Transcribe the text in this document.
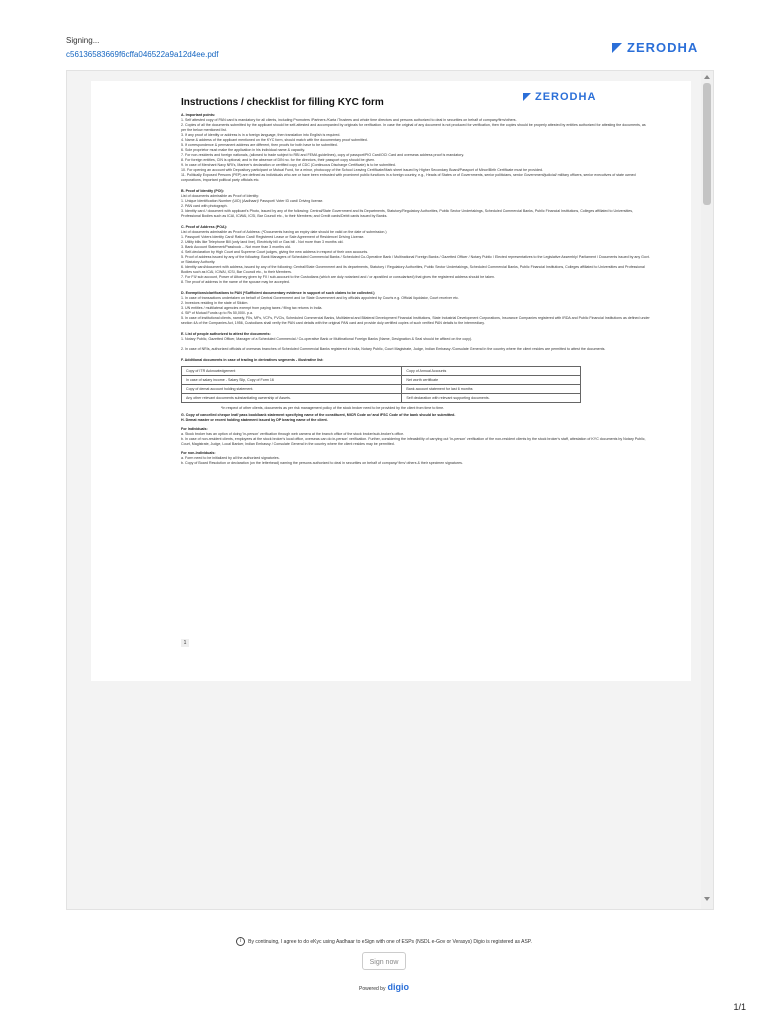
Signing...
c56136583669f6cffa046522a9a12d4ee.pdf	ZERODHA
Instructions / checklist for filling KYC form	ZERODHA
A. Important points:
1. Self attested copy of PAN card is mandatory for all clients, including Promoters /Partners /Karta /Trustees and whole time directors and persons authorized to deal in securities on behalf of company/firm/others.
2. Copies of all the documents submitted by the applicant should be self-attested and accompanied by originals for verification. In case the original of any document is not produced for verification, then the copies should be properly attested by entities authorized for attesting the documents, as per the below mentioned list.
3. If any proof of identity or address is in a foreign language, then translation into English is required.
4. Name & address of the applicant mentioned on the KYC form, should match with the documentary proof submitted.
5. If correspondence & permanent address are different, then proofs for both have to be submitted.
6. Sole proprietor must make the application in his individual name & capacity.
7. For non-residents and foreign nationals, (allowed to trade subject to RBI and FEMA guidelines), copy of passport/PIO Card/OCI Card and overseas address proof is mandatory.
8. For foreign entities, CIN is optional; and in the absence of DIN no. for the directors, their passport copy should be given.
9. In case of Merchant Navy NRI's, Mariner's declaration or certified copy of CDC (Continuous Discharge Certificate) is to be submitted.
10. For opening an account with Depository participant or Mutual Fund, for a minor, photocopy of the School Leaving Certificate/Mark sheet issued by Higher Secondary Board/Passport of Minor/Birth Certificate must be provided.
11. Politically Exposed Persons (PEP) are defined as individuals who are or have been entrusted with prominent public functions in a foreign country, e.g., Heads of States or of Governments, senior politicians, senior Government/judicial/ military officers, senior executives of state owned corporations, important political party officials etc.
B. Proof of Identity (POI):
List of documents admissible as Proof of Identity:
1. Unique Identification Number (UID) (Aadhaar)/ Passport/ Voter ID card/ Driving license.
2. PAN card with photograph.
3. Identity card / document with applicant's Photo, issued by any of the following: Central/State Government and its Departments, Statutory/Regulatory Authorities, Public Sector Undertakings, Scheduled Commercial Banks, Public Financial Institutions, Colleges affiliated to Universities, Professional Bodies such as ICAI, ICWAI, ICSI, Bar Council etc., to their Members; and Credit cards/Debit cards issued by Banks.
C. Proof of Address (POA):
List of documents admissible as Proof of Address: (*Documents having an expiry date should be valid on the date of submission.)
1. Passport/ Voters Identity Card/ Ration Card/ Registered Lease or Sale Agreement of Residence/ Driving License.
2. Utility bills like Telephone Bill (only land line), Electricity bill or Gas bill - Not more than 3 months old.
3. Bank Account Statement/Passbook -- Not more than 3 months old.
4. Self-declaration by High Court and Supreme Court judges, giving the new address in respect of their own accounts.
5. Proof of address issued by any of the following: Bank Managers of Scheduled Commercial Banks / Scheduled Co-Operative Bank / Multinational Foreign Banks / Gazetted Officer / Notary Public / Elected representatives to the Legislative Assembly/ Parliament / Documents issued by any Govt. or Statutory Authority.
6. Identity card/document with address, issued by any of the following: Central/State Government and its departments, Statutory / Regulatory Authorities, Public Sector Undertakings, Scheduled Commercial Banks, Public Financial Institutions, Colleges affiliated to Universities and Professional Bodies such as ICAI, ICWAI, ICSI, Bar Council etc., to their Members.
7. For FII/ sub account, Power of Attorney given by FII / sub-account to the Custodians (which are duly notarized and / or apostiled or consularised) that gives the registered address should be taken.
8. The proof of address in the name of the spouse may be accepted.
D. Exemptions/clarifications to PAN (*Sufficient documentary evidence in support of such claims to be collected.)
1. In case of transactions undertaken on behalf of Central Government and /or State Government and by officials appointed by Courts e.g. Official liquidator, Court receiver etc.
2. Investors residing in the state of Sikkim.
3. UN entities / multilateral agencies exempt from paying taxes / filing tax returns in India.
4. SIP of Mutual Funds up to Rs 50,000/- p.a.
5. In case of institutional clients, namely, FIIs, MFs, VCFs, FVCIs, Scheduled Commercial Banks, Multilateral and Bilateral Development Financial Institutions, State Industrial Development Corporations, Insurance Companies registered with IRDA and Public Financial Institutions as defined under section 4A of the Companies Act, 1956, Custodians shall verify the PAN card details with the original PAN card and provide duly certified copies of such verified PAN details to the intermediary.
E. List of people authorized to attest the documents:
1. Notary Public, Gazetted Officer, Manager of a Scheduled Commercial / Co-operative Bank or Multinational Foreign Banks (Name, Designation & Seal should be affixed on the copy).
2. In case of NRIs, authorized officials of overseas branches of Scheduled Commercial Banks registered in India, Notary Public, Court Magistrate, Judge, Indian Embassy /Consulate General in the country where the client resides are permitted to attest the documents.
F. Additional documents in case of trading in derivatives segments - illustrative list:
Copy of ITR Acknowledgement	Copy of Annual Accounts
In case of salary income - Salary Slip, Copy of Form 16	Net worth certificate
Copy of demat account holding statement.	Bank account statement for last 6 months
Any other relevant documents substantiating ownership of Assets.	Self declaration with relevant supporting documents.
*In respect of other clients, documents as per risk management policy of the stock broker need to be provided by the client from time to time.
G. Copy of cancelled cheque leaf/ pass book/bank statement specifying name of the constituent, MICR Code or/ and IFSC Code of the bank should be submitted.
H. Demat master or recent holding statement issued by DP bearing name of the client.
For Individuals:
a. Stock broker has an option of doing 'in-person' verification through web camera at the branch office of the stock broker/sub-broker's office.
b. In case of non-resident clients, employees at the stock broker's local office, overseas can do in-person' verification. Further, considering the infeasibility of carrying out 'In-person' verification of the non-resident clients by the stock broker's staff, attestation of KYC documents by Notary Public, Court, Magistrate, Judge, Local Banker, Indian Embassy / Consulate General in the country where the client resides may be permitted.
For non-Individuals:
a. Form need to be initialized by all the authorized signatories.
b. Copy of Board Resolution or declaration (on the letterhead) naming the persons authorized to deal in securities on behalf of company/ firm/ others & their specimen signatures.
1
i By continuing, I agree to do eKyc using Aadhaar to eSign with one of ESPs (NSDL e-Gov or Verasys) Digio is registered as ASP.
Sign now
Powered by digio
1/1
